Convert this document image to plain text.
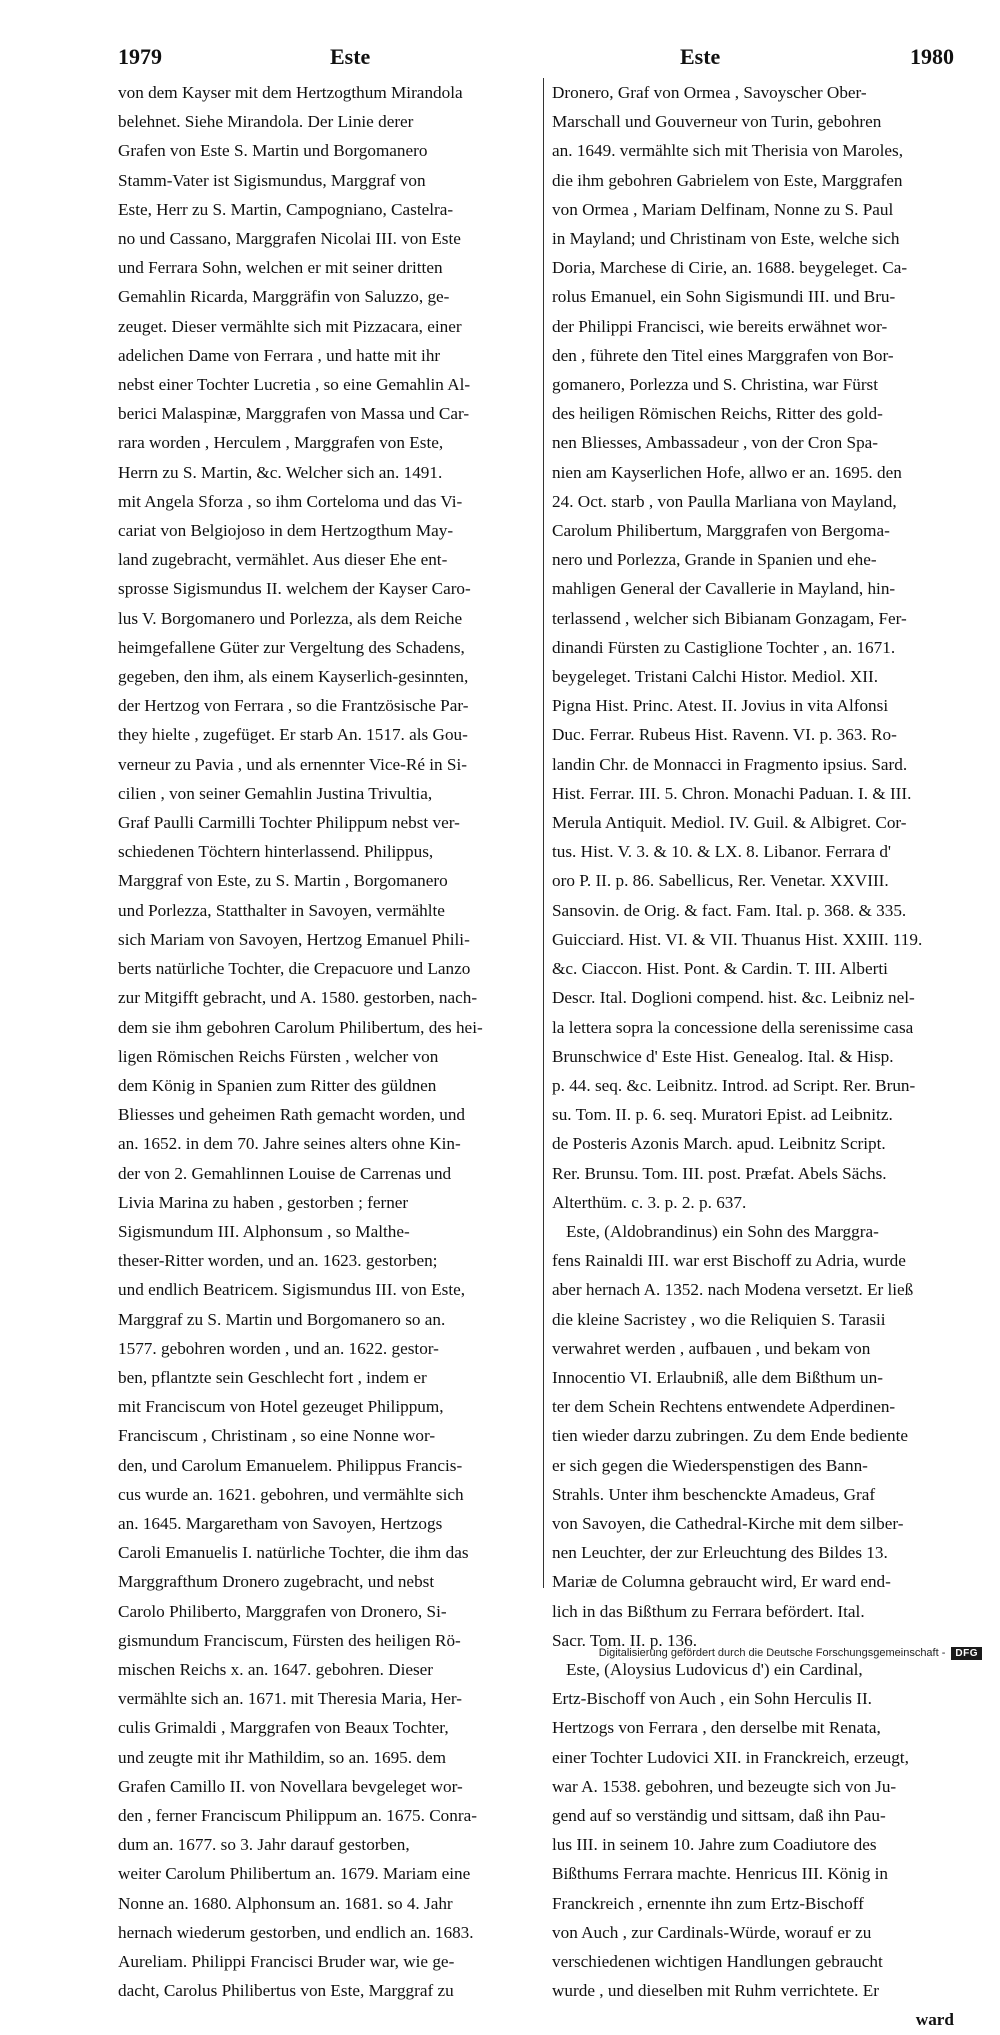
1979	Este	Este	1980
von dem Kayser mit dem Hertzogthum Mirandola
belehnet. Siehe Mirandola. Der Linie derer
Grafen von Este S. Martin und Borgomanero
Stamm-Vater ist Sigismundus, Marggraf von
Este, Herr zu S. Martin, Campogniano, Castelra-
no und Cassano, Marggrafen Nicolai III. von Este
und Ferrara Sohn, welchen er mit seiner dritten
Gemahlin Ricarda, Marggräfin von Saluzzo, ge-
zeuget. Dieser vermählte sich mit Pizzacara, einer
adelichen Dame von Ferrara , und hatte mit ihr
nebst einer Tochter Lucretia , so eine Gemahlin Al-
berici Malaspinæ, Marggrafen von Massa und Car-
rara worden , Herculem , Marggrafen von Este,
Herrn zu S. Martin, &c. Welcher sich an. 1491.
mit Angela Sforza , so ihm Corteloma und das Vi-
cariat von Belgiojoso in dem Hertzogthum May-
land zugebracht, vermählet. Aus dieser Ehe ent-
sprosse Sigismundus II. welchem der Kayser Caro-
lus V. Borgomanero und Porlezza, als dem Reiche
heimgefallene Güter zur Vergeltung des Schadens,
gegeben, den ihm, als einem Kayserlich-gesinnten,
der Hertzog von Ferrara , so die Frantzösische Par-
they hielte , zugefüget. Er starb An. 1517. als Gou-
verneur zu Pavia , und als ernennter Vice-Ré in Si-
cilien , von seiner Gemahlin Justina Trivultia,
Graf Paulli Carmilli Tochter Philippum nebst ver-
schiedenen Töchtern hinterlassend. Philippus,
Marggraf von Este, zu S. Martin , Borgomanero
und Porlezza, Statthalter in Savoyen, vermählte
sich Mariam von Savoyen, Hertzog Emanuel Phili-
berts natürliche Tochter, die Crepacuore und Lanzo
zur Mitgifft gebracht, und A. 1580. gestorben, nach-
dem sie ihm gebohren Carolum Philibertum, des hei-
ligen Römischen Reichs Fürsten , welcher von
dem König in Spanien zum Ritter des güldnen
Bliesses und geheimen Rath gemacht worden, und
an. 1652. in dem 70. Jahre seines alters ohne Kin-
der von 2. Gemahlinnen Louise de Carrenas und
Livia Marina zu haben , gestorben ; ferner
Sigismundum III. Alphonsum , so Malthe-
theser-Ritter worden, und an. 1623. gestorben;
und endlich Beatricem. Sigismundus III. von Este,
Marggraf zu S. Martin und Borgomanero so an.
1577. gebohren worden , und an. 1622. gestor-
ben, pflantzte sein Geschlecht fort , indem er
mit Franciscum von Hotel gezeuget Philippum,
Franciscum , Christinam , so eine Nonne wor-
den, und Carolum Emanuelem. Philippus Francis-
cus wurde an. 1621. gebohren, und vermählte sich
an. 1645. Margaretham von Savoyen, Hertzogs
Caroli Emanuelis I. natürliche Tochter, die ihm das
Marggrafthum Dronero zugebracht, und nebst
Carolo Philiberto, Marggrafen von Dronero, Si-
gismundum Franciscum, Fürsten des heiligen Rö-
mischen Reichs x. an. 1647. gebohren. Dieser
vermählte sich an. 1671. mit Theresia Maria, Her-
culis Grimaldi , Marggrafen von Beaux Tochter,
und zeugte mit ihr Mathildim, so an. 1695. dem
Grafen Camillo II. von Novellara bevgeleget wor-
den , ferner Franciscum Philippum an. 1675. Conra-
dum an. 1677. so 3. Jahr darauf gestorben,
weiter Carolum Philibertum an. 1679. Mariam eine
Nonne an. 1680. Alphonsum an. 1681. so 4. Jahr
hernach wiederum gestorben, und endlich an. 1683.
Aureliam. Philippi Francisci Bruder war, wie ge-
dacht, Carolus Philibertus von Este, Marggraf zu
Dronero, Graf von Ormea , Savoyscher Ober-
Marschall und Gouverneur von Turin, gebohren
an. 1649. vermählte sich mit Therisia von Maroles,
die ihm gebohren Gabrielem von Este, Marggrafen
von Ormea , Mariam Delfinam, Nonne zu S. Paul
in Mayland; und Christinam von Este, welche sich
Doria, Marchese di Cirie, an. 1688. beygeleget. Ca-
rolus Emanuel, ein Sohn Sigismundi III. und Bru-
der Philippi Francisci, wie bereits erwähnet wor-
den , führete den Titel eines Marggrafen von Bor-
gomanero, Porlezza und S. Christina, war Fürst
des heiligen Römischen Reichs, Ritter des gold-
nen Bliesses, Ambassadeur , von der Cron Spa-
nien am Kayserlichen Hofe, allwo er an. 1695. den
24. Oct. starb , von Paulla Marliana von Mayland,
Carolum Philibertum, Marggrafen von Bergoma-
nero und Porlezza, Grande in Spanien und ehe-
mahligen General der Cavallerie in Mayland, hin-
terlassend , welcher sich Bibianam Gonzagam, Fer-
dinandi Fürsten zu Castiglione Tochter , an. 1671.
beygeleget. Tristani Calchi Histor. Mediol. XII.
Pigna Hist. Princ. Atest. II. Jovius in vita Alfonsi
Duc. Ferrar. Rubeus Hist. Ravenn. VI. p. 363. Ro-
landin Chr. de Monnacci in Fragmento ipsius. Sard.
Hist. Ferrar. III. 5. Chron. Monachi Paduan. I. & III.
Merula Antiquit. Mediol. IV. Guil. & Albigret. Cor-
tus. Hist. V. 3. & 10. & LX. 8. Libanor. Ferrara d'
oro P. II. p. 86. Sabellicus, Rer. Venetar. XXVIII.
Sansovin. de Orig. & fact. Fam. Ital. p. 368. & 335.
Guicciard. Hist. VI. & VII. Thuanus Hist. XXIII. 119.
&c. Ciaccon. Hist. Pont. & Cardin. T. III. Alberti
Descr. Ital. Doglioni compend. hist. &c. Leibniz nel-
la lettera sopra la concessione della serenissime casa
Brunschwice d' Este Hist. Genealog. Ital. & Hisp.
p. 44. seq. &c. Leibnitz. Introd. ad Script. Rer. Brun-
su. Tom. II. p. 6. seq. Muratori Epist. ad Leibnitz.
de Posteris Azonis March. apud. Leibnitz Script.
Rer. Brunsu. Tom. III. post. Præfat. Abels Sächs.
Alterthüm. c. 3. p. 2. p. 637.
Este, (Aldobrandinus) ein Sohn des Marggra-
fens Rainaldi III. war erst Bischoff zu Adria, wurde
aber hernach A. 1352. nach Modena versetzt. Er ließ
die kleine Sacristey , wo die Reliquien S. Tarasii
verwahret werden , aufbauen , und bekam von
Innocentio VI. Erlaubniß, alle dem Bißthum un-
ter dem Schein Rechtens entwendete Adperdinen-
tien wieder darzu zubringen. Zu dem Ende bediente
er sich gegen die Wiederspenstigen des Bann-
Strahls. Unter ihm beschenckte Amadeus, Graf
von Savoyen, die Cathedral-Kirche mit dem silber-
nen Leuchter, der zur Erleuchtung des Bildes 13.
Mariæ de Columna gebraucht wird, Er ward end-
lich in das Bißthum zu Ferrara befördert. Ital.
Sacr. Tom. II. p. 136.
Este, (Aloysius Ludovicus d') ein Cardinal,
Ertz-Bischoff von Auch , ein Sohn Herculis II.
Hertzogs von Ferrara , den derselbe mit Renata,
einer Tochter Ludovici XII. in Franckreich, erzeugt,
war A. 1538. gebohren, und bezeugte sich von Ju-
gend auf so verständig und sittsam, daß ihn Pau-
lus III. in seinem 10. Jahre zum Coadiutore des
Bißthums Ferrara machte. Henricus III. König in
Franckreich , ernennte ihn zum Ertz-Bischoff
von Auch , zur Cardinals-Würde, worauf er zu
verschiedenen wichtigen Handlungen gebraucht
wurde , und dieselben mit Ruhm verrichtete. Er
ward
Digitalisierung gefördert durch die Deutsche Forschungsgemeinschaft -	DFG
